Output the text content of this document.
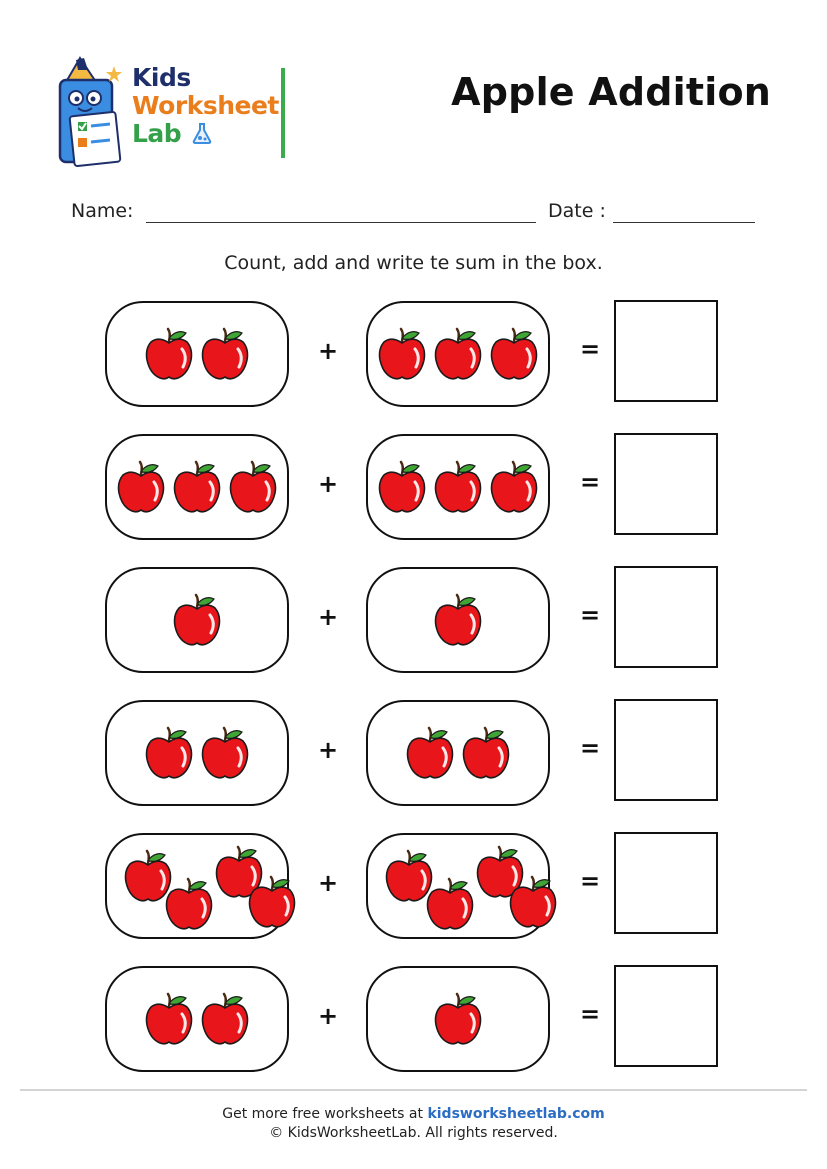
Kids
Worksheet
Lab
Apple Addition
Name:	Date :
Count, add and write te sum in the box.
+	=
+	=
+	=
+	=
+	=
+	=
Get more free worksheets at kidsworksheetlab.com
© KidsWorksheetLab. All rights reserved.
